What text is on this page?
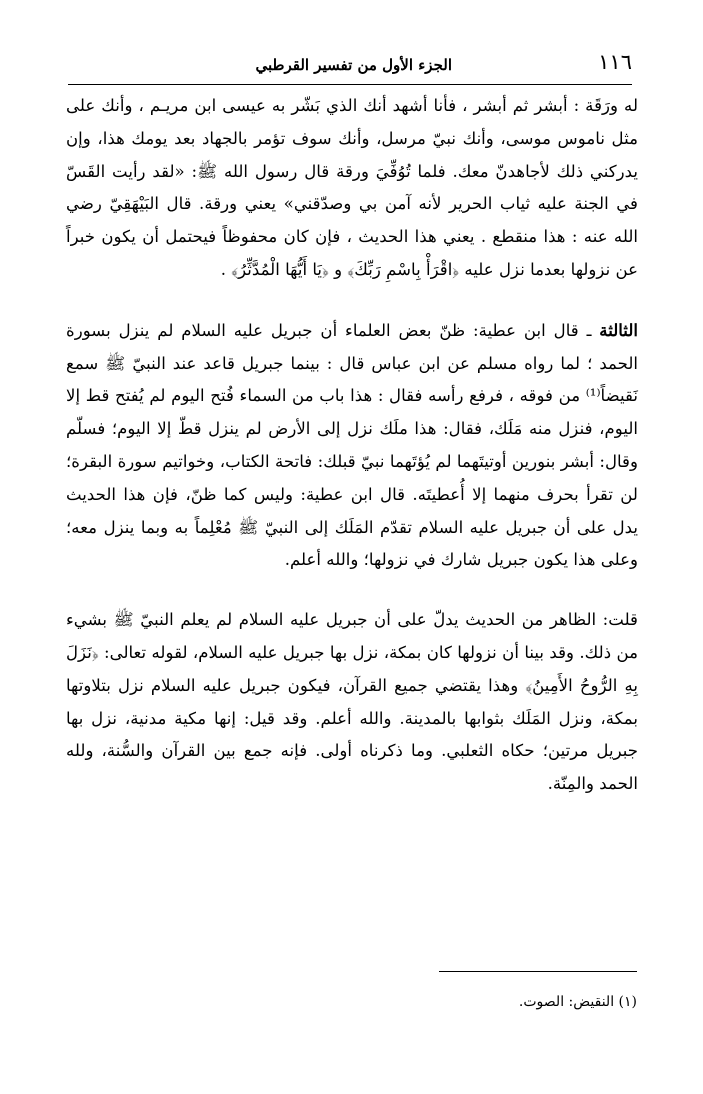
١١٦
الجزء الأول من تفسير القرطبي

له ورَقَة : أبشر ثم أبشر ، فأنا أشهد أنك الذي بَشّر به عيسى ابن مريـم ، وأنك على مثل ناموس موسى، وأنك نبيّ مرسل، وأنك سوف تؤمر بالجهاد بعد يومك هذا، وإن يدركني ذلك لأجاهدنّ معك. فلما تُوُفِّيَ ورقة قال رسول الله ﷺ: «لقد رأيت القَسّ في الجنة عليه ثياب الحرير لأنه آمن بي وصدّقني» يعني ورقة. قال البَيْهَقِيّ رضي الله عنه : هذا منقطع . يعني هذا الحديث ، فإن كان محفوظاً فيحتمل أن يكون خبراً عن نزولها بعدما نزل عليه ﴿اقْرَأْ بِاسْمِ رَبِّكَ﴾ و ﴿يَا أَيُّهَا الْمُدَّثِّرُ﴾ .

الثالثة ـ قال ابن عطية: ظنّ بعض العلماء أن جبريل عليه السلام لم ينزل بسورة الحمد ؛ لما رواه مسلم عن ابن عباس قال : بينما جبريل قاعد عند النبيّ ﷺ سمع نَقيضاً⁽¹⁾ من فوقه ، فرفع رأسه فقال : هذا باب من السماء فُتح اليوم لم يُفتح قط إلا اليوم، فنزل منه مَلَك، فقال: هذا ملَك نزل إلى الأرض لم ينزل قطّ إلا اليوم؛ فسلّم وقال: أبشر بنورين أوتيتَهما لم يُؤتَهما نبيّ قبلك: فاتحة الكتاب، وخواتيم سورة البقرة؛ لن تقرأ بحرف منهما إلا أُعطيتَه. قال ابن عطية: وليس كما ظنّ، فإن هذا الحديث يدل على أن جبريل عليه السلام تقدّم المَلَك إلى النبيّ ﷺ مُعْلِماً به وبما ينزل معه؛ وعلى هذا يكون جبريل شارك في نزولها؛ والله أعلم.

قلت: الظاهر من الحديث يدلّ على أن جبريل عليه السلام لم يعلم النبيّ ﷺ بشيء من ذلك. وقد بينا أن نزولها كان بمكة، نزل بها جبريل عليه السلام، لقوله تعالى: ﴿نَزَلَ بِهِ الرُّوحُ الأَمِينُ﴾ وهذا يقتضي جميع القرآن، فيكون جبريل عليه السلام نزل بتلاوتها بمكة، ونزل المَلَك بثوابها بالمدينة. والله أعلم. وقد قيل: إنها مكية مدنية، نزل بها جبريل مرتين؛ حكاه الثعلبي. وما ذكرناه أولى. فإنه جمع بين القرآن والسُّنة، ولله الحمد والمِنّة.

(١) النقيض: الصوت.
